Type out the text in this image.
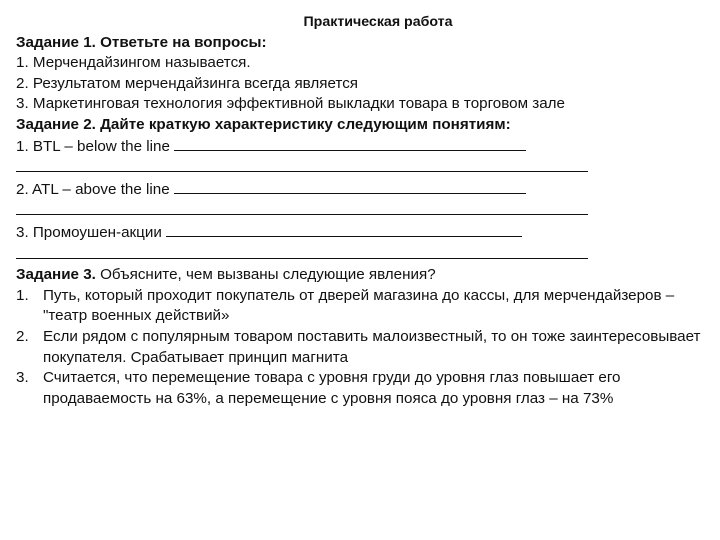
Практическая работа
Задание 1. Ответьте на вопросы:
1. Мерчендайзингом называется.
2. Результатом мерчендайзинга всегда является
3. Маркетинговая технология эффективной выкладки товара в торговом зале
Задание 2. Дайте краткую характеристику следующим понятиям:
1. BTL – below the line
2. ATL – above the line
3. Промоушен-акции
Задание 3. Объясните, чем вызваны следующие явления?
1. Путь, который проходит покупатель от дверей магазина до кассы, для мерчендайзеров – "театр военных действий»
2. Если рядом с популярным товаром поставить малоизвестный, то он тоже заинтересовывает покупателя. Срабатывает принцип магнита
3. Считается, что перемещение товара с уровня груди до уровня глаз повышает его продаваемость на 63%, а перемещение с уровня пояса до уровня глаз – на 73%
